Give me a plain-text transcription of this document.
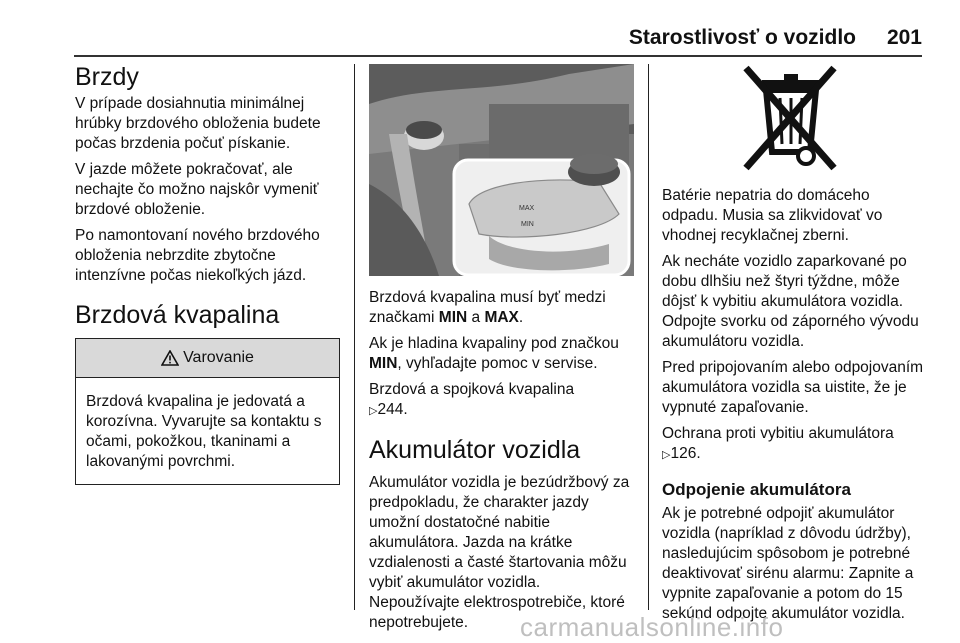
Starostlivosť o vozidlo 201
Brzdy

V prípade dosiahnutia minimálnej hrúbky brzdového obloženia budete počas brzdenia počuť pískanie.

V jazde môžete pokračovať, ale nechajte čo možno najskôr vymeniť brzdové obloženie.

Po namontovaní nového brzdového obloženia nebrzdite zbytočne intenzívne počas niekoľkých jázd.

Brzdová kvapalina
Varovanie

Brzdová kvapalina je jedovatá a korozívna. Vyvarujte sa kontaktu s očami, pokožkou, tkaninami a lakovanými povrchmi.

MAX
MIN

Brzdová kvapalina musí byť medzi značkami MIN a MAX.

Ak je hladina kvapaliny pod značkou MIN, vyhľadajte pomoc v servise.

Brzdová a spojková kvapalina
▷ 244.

Akumulátor vozidla

Akumulátor vozidla je bezúdržbový za predpokladu, že charakter jazdy umožní dostatočné nabitie akumulátora. Jazda na krátke vzdialenosti a časté štartovania môžu vybiť akumulátor vozidla.

Nepoužívajte elektrospotrebiče, ktoré nepotrebujete.

Batérie nepatria do domáceho odpadu. Musia sa zlikvidovať vo vhodnej recyklačnej zberni.

Ak necháte vozidlo zaparkované po dobu dlhšiu než štyri týždne, môže dôjsť k vybitiu akumulátora vozidla. Odpojte svorku od záporného vývodu akumulátoru vozidla.

Pred pripojovaním alebo odpojovaním akumulátora vozidla sa uistite, že je vypnuté zapaľovanie.

Ochrana proti vybitiu akumulátora
▷ 126.

Odpojenie akumulátora

Ak je potrebné odpojiť akumulátor vozidla (napríklad z dôvodu údržby), nasledujúcim spôsobom je potrebné deaktivovať sirénu alarmu: Zapnite a vypnite zapaľovanie a potom do 15 sekúnd odpojte akumulátor vozidla.

carmanualsonline.info
